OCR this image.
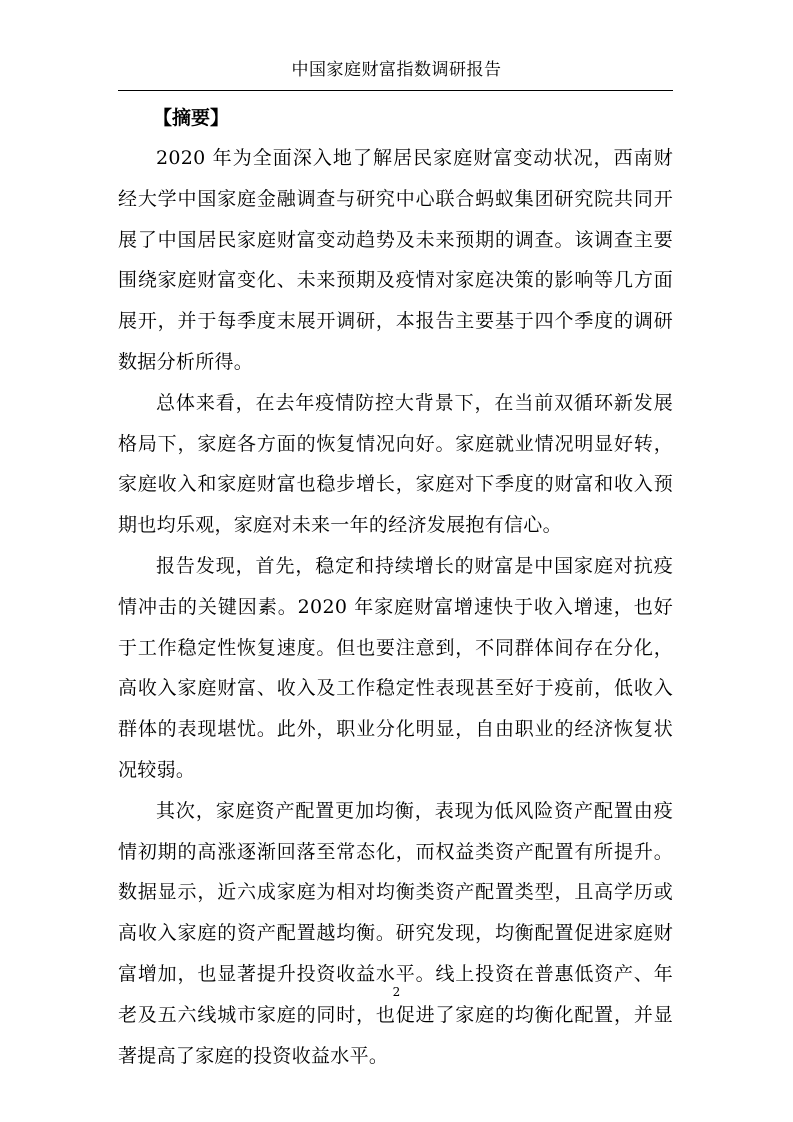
中国家庭财富指数调研报告

【摘要】

2020 年为全面深入地了解居民家庭财富变动状况，西南财经大学中国家庭金融调查与研究中心联合蚂蚁集团研究院共同开展了中国居民家庭财富变动趋势及未来预期的调查。该调查主要围绕家庭财富变化、未来预期及疫情对家庭决策的影响等几方面展开，并于每季度末展开调研，本报告主要基于四个季度的调研数据分析所得。

总体来看，在去年疫情防控大背景下，在当前双循环新发展格局下，家庭各方面的恢复情况向好。家庭就业情况明显好转，家庭收入和家庭财富也稳步增长，家庭对下季度的财富和收入预期也均乐观，家庭对未来一年的经济发展抱有信心。

报告发现，首先，稳定和持续增长的财富是中国家庭对抗疫情冲击的关键因素。2020 年家庭财富增速快于收入增速，也好于工作稳定性恢复速度。但也要注意到，不同群体间存在分化，高收入家庭财富、收入及工作稳定性表现甚至好于疫前，低收入群体的表现堪忧。此外，职业分化明显，自由职业的经济恢复状况较弱。

其次，家庭资产配置更加均衡，表现为低风险资产配置由疫情初期的高涨逐渐回落至常态化，而权益类资产配置有所提升。数据显示，近六成家庭为相对均衡类资产配置类型，且高学历或高收入家庭的资产配置越均衡。研究发现，均衡配置促进家庭财富增加，也显著提升投资收益水平。线上投资在普惠低资产、年老及五六线城市家庭的同时，也促进了家庭的均衡化配置，并显著提高了家庭的投资收益水平。

2
